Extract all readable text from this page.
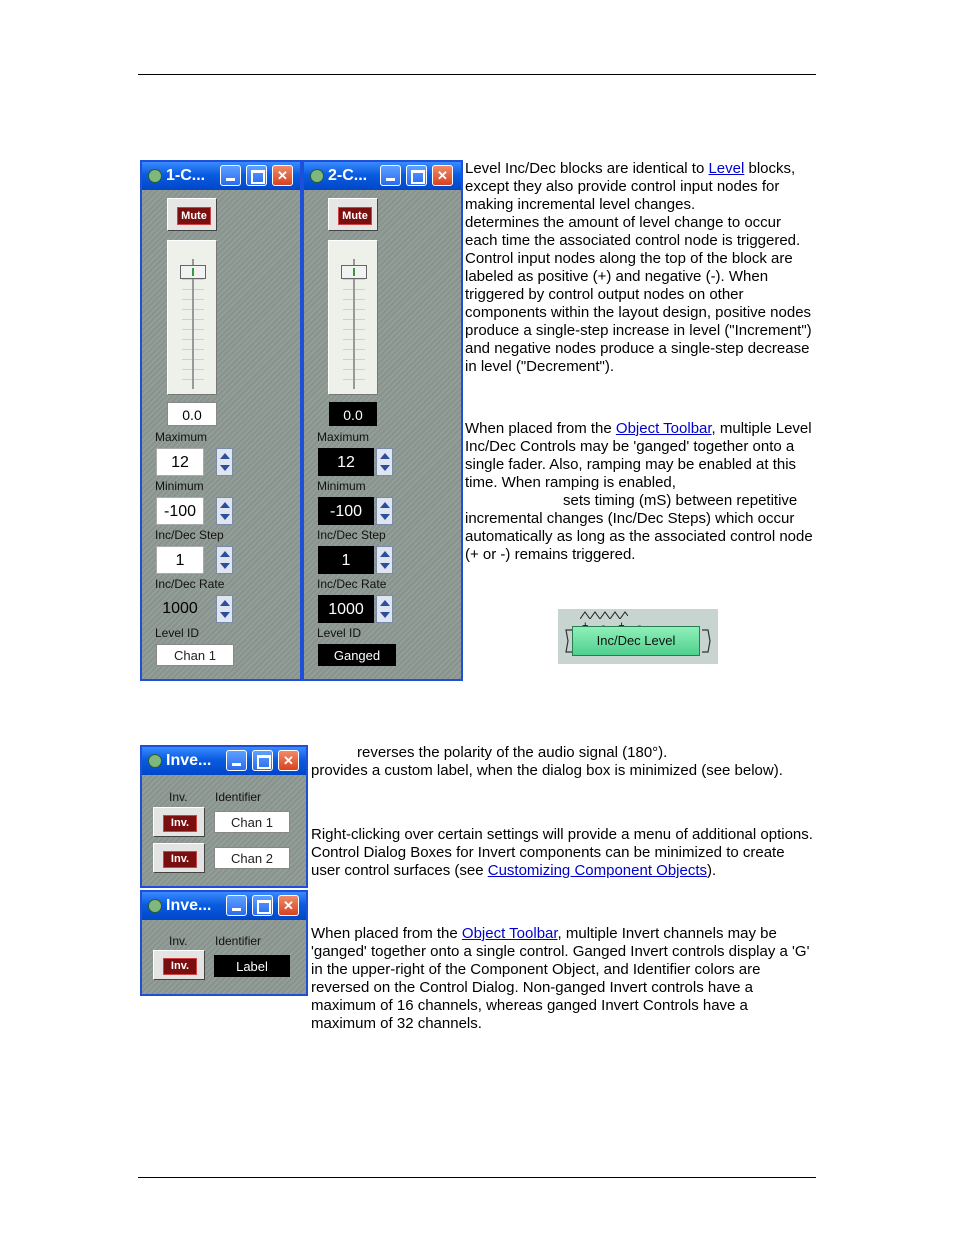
1-C...	✕
Mute
0.0
Maximum
12
Minimum
-100
Inc/Dec Step
1
Inc/Dec Rate
1000
Level ID
Chan 1
2-C...	✕
Mute
0.0
Maximum
12
Minimum
-100
Inc/Dec Step
1
Inc/Dec Rate
1000
Level ID
Ganged

Level Inc/Dec blocks are identical to Level blocks, except they also provide control input nodes for making incremental level changes.

determines the amount of level change to occur each time the associated control node is triggered. Control input nodes along the top of the block are labeled as positive (+) and negative (-). When triggered by control output nodes on other components within the layout design, positive nodes produce a single-step increase in level ("Increment") and negative nodes produce a single-step decrease in level ("Decrement").

When placed from the Object Toolbar, multiple Level Inc/Dec Controls may be 'ganged' together onto a single fader. Also, ramping may be enabled at this time. When ramping is enabled,

sets timing (mS) between repetitive incremental changes (Inc/Dec Steps) which occur automatically as long as the associated control node (+ or -) remains triggered.

Inc/Dec Level
Inve...	✕
Inv. Identifier
Inv.	Chan 1
Inv.	Chan 2
Inve...	✕
Inv. Identifier
Inv.	Label

reverses the polarity of the audio signal (180°).

provides a custom label, when the dialog box is minimized (see below).

Right-clicking over certain settings will provide a menu of additional options. Control Dialog Boxes for Invert components can be minimized to create user control surfaces (see Customizing Component Objects).

When placed from the Object Toolbar, multiple Invert channels may be 'ganged' together onto a single control. Ganged Invert controls display a 'G' in the upper-right of the Component Object, and Identifier colors are reversed on the Control Dialog. Non-ganged Invert controls have a maximum of 16 channels, whereas ganged Invert Controls have a maximum of 32 channels.
